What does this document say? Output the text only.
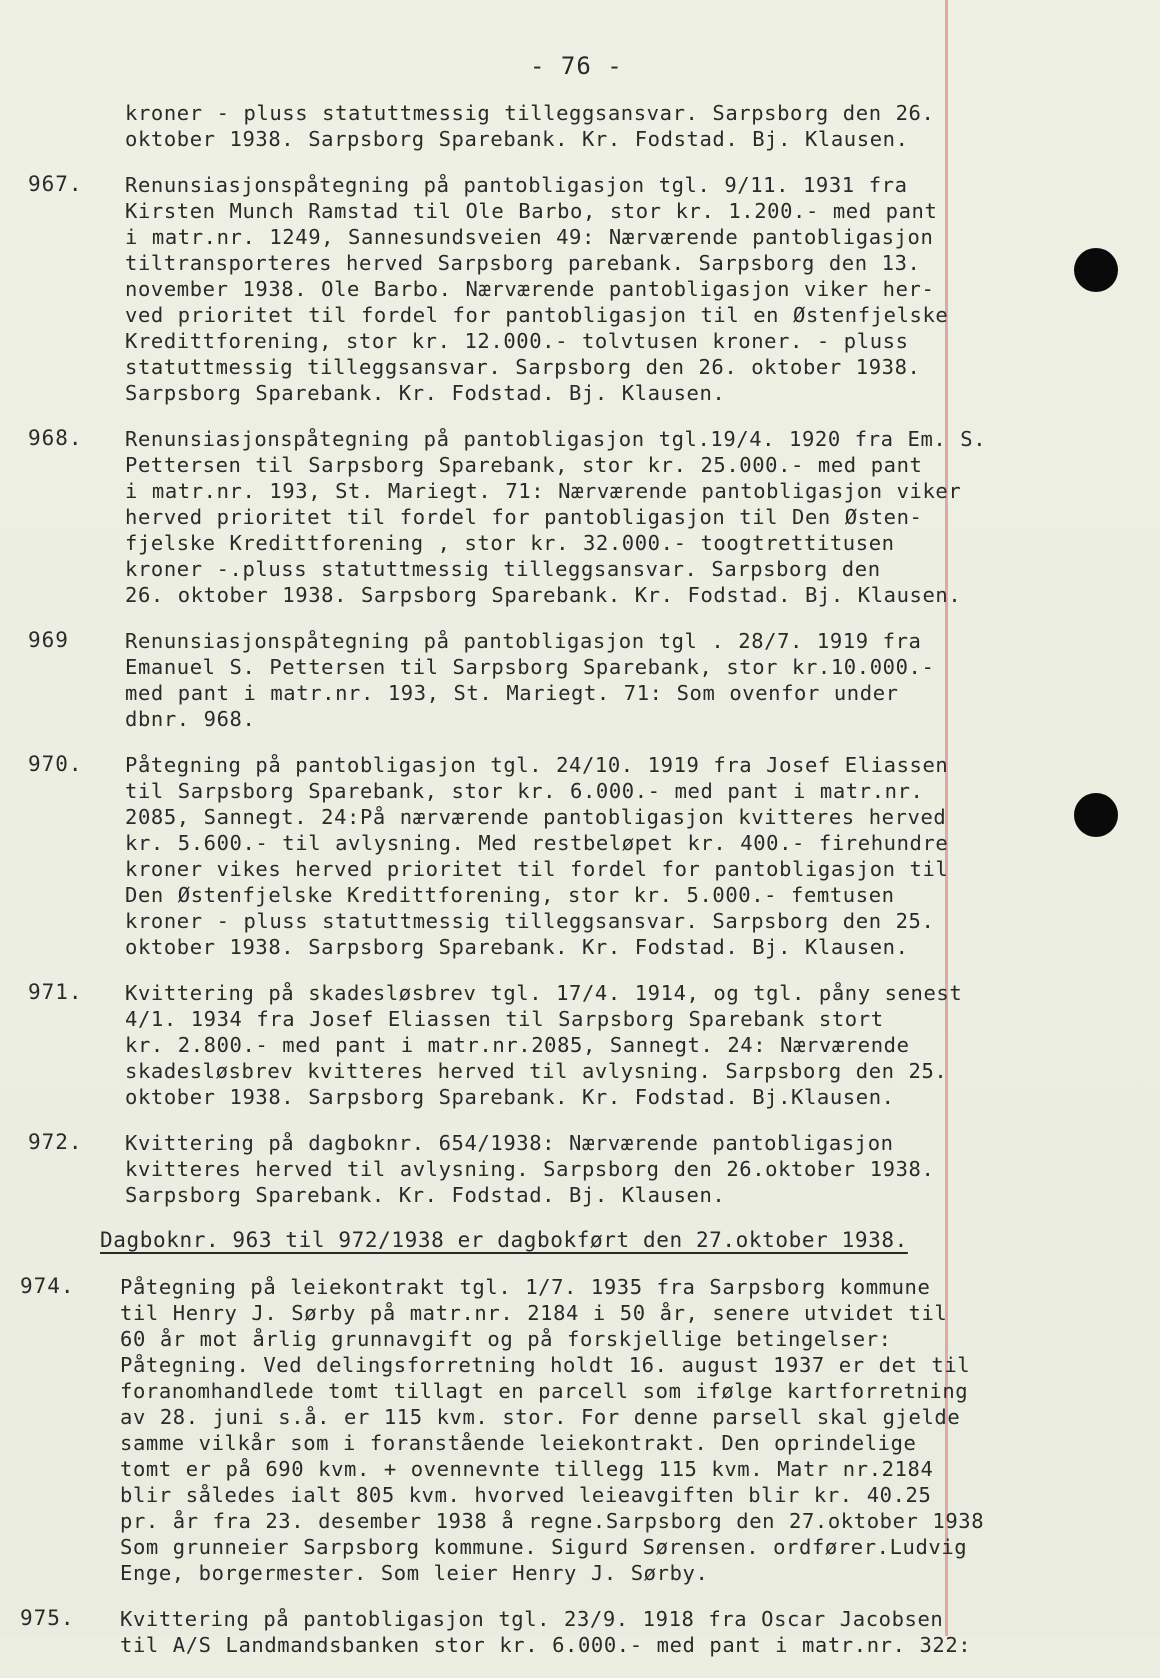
- 76 -
kroner - pluss statuttmessig tilleggsansvar. Sarpsborg den 26.
oktober 1938. Sarpsborg Sparebank. Kr. Fodstad. Bj. Klausen.
967. Renunsiasjonspåtegning på pantobligasjon tgl. 9/11. 1931 fra
Kirsten Munch Ramstad til Ole Barbo, stor kr. 1.200.- med pant
i matr.nr. 1249, Sannesundsveien 49: Nærværende pantobligasjon
tiltransporteres herved Sarpsborg parebank. Sarpsborg den 13.
november 1938. Ole Barbo. Nærværende pantobligasjon viker her-
ved prioritet til fordel for pantobligasjon til en Østenfjelske
Kredittforening, stor kr. 12.000.- tolvtusen kroner. - pluss
statuttmessig tilleggsansvar. Sarpsborg den 26. oktober 1938.
Sarpsborg Sparebank. Kr. Fodstad. Bj. Klausen.
968. Renunsiasjonspåtegning på pantobligasjon tgl.19/4. 1920 fra Em. S.
Pettersen til Sarpsborg Sparebank, stor kr. 25.000.- med pant
i matr.nr. 193, St. Mariegt. 71: Nærværende pantobligasjon viker
herved prioritet til fordel for pantobligasjon til Den Østen-
fjelske Kredittforening , stor kr. 32.000.- toogtrettitusen
kroner -.pluss statuttmessig tilleggsansvar. Sarpsborg den
26. oktober 1938. Sarpsborg Sparebank. Kr. Fodstad. Bj. Klausen.
969	Renunsiasjonspåtegning på pantobligasjon tgl . 28/7. 1919 fra
Emanuel S. Pettersen til Sarpsborg Sparebank, stor kr.10.000.-
med pant i matr.nr. 193, St. Mariegt. 71: Som ovenfor under
dbnr. 968.
970. Påtegning på pantobligasjon tgl. 24/10. 1919 fra Josef Eliassen
til Sarpsborg Sparebank, stor kr. 6.000.- med pant i matr.nr.
2085, Sannegt. 24:På nærværende pantobligasjon kvitteres herved
kr. 5.600.- til avlysning. Med restbeløpet kr. 400.- firehundre
kroner vikes herved prioritet til fordel for pantobligasjon til
Den Østenfjelske Kredittforening, stor kr. 5.000.- femtusen
kroner - pluss statuttmessig tilleggsansvar. Sarpsborg den 25.
oktober 1938. Sarpsborg Sparebank. Kr. Fodstad. Bj. Klausen.
971. Kvittering på skadesløsbrev tgl. 17/4. 1914, og tgl. påny senest
4/1. 1934 fra Josef Eliassen til Sarpsborg Sparebank stort
kr. 2.800.- med pant i matr.nr.2085, Sannegt. 24: Nærværende
skadesløsbrev kvitteres herved til avlysning. Sarpsborg den 25.
oktober 1938. Sarpsborg Sparebank. Kr. Fodstad. Bj.Klausen.
972. Kvittering på dagboknr. 654/1938: Nærværende pantobligasjon
kvitteres herved til avlysning. Sarpsborg den 26.oktober 1938.
Sarpsborg Sparebank. Kr. Fodstad. Bj. Klausen.
Dagboknr. 963 til 972/1938 er dagbokført den 27.oktober 1938.
974. Påtegning på leiekontrakt tgl. 1/7. 1935 fra Sarpsborg kommune
til Henry J. Sørby på matr.nr. 2184 i 50 år, senere utvidet til
60 år mot årlig grunnavgift og på forskjellige betingelser:
Påtegning. Ved delingsforretning holdt 16. august 1937 er det til
foranomhandlede tomt tillagt en parcell som ifølge kartforretning
av 28. juni s.å. er 115 kvm. stor. For denne parsell skal gjelde
samme vilkår som i foranstående leiekontrakt. Den oprindelige
tomt er på 690 kvm. + ovennevnte tillegg 115 kvm. Matr nr.2184
blir således ialt 805 kvm. hvorved leieavgiften blir kr. 40.25
pr. år fra 23. desember 1938 å regne.Sarpsborg den 27.oktober 1938
Som grunneier Sarpsborg kommune. Sigurd Sørensen. ordfører.Ludvig
Enge, borgermester. Som leier Henry J. Sørby.
975. Kvittering på pantobligasjon tgl. 23/9. 1918 fra Oscar Jacobsen
til A/S Landmandsbanken stor kr. 6.000.- med pant i matr.nr. 322:
